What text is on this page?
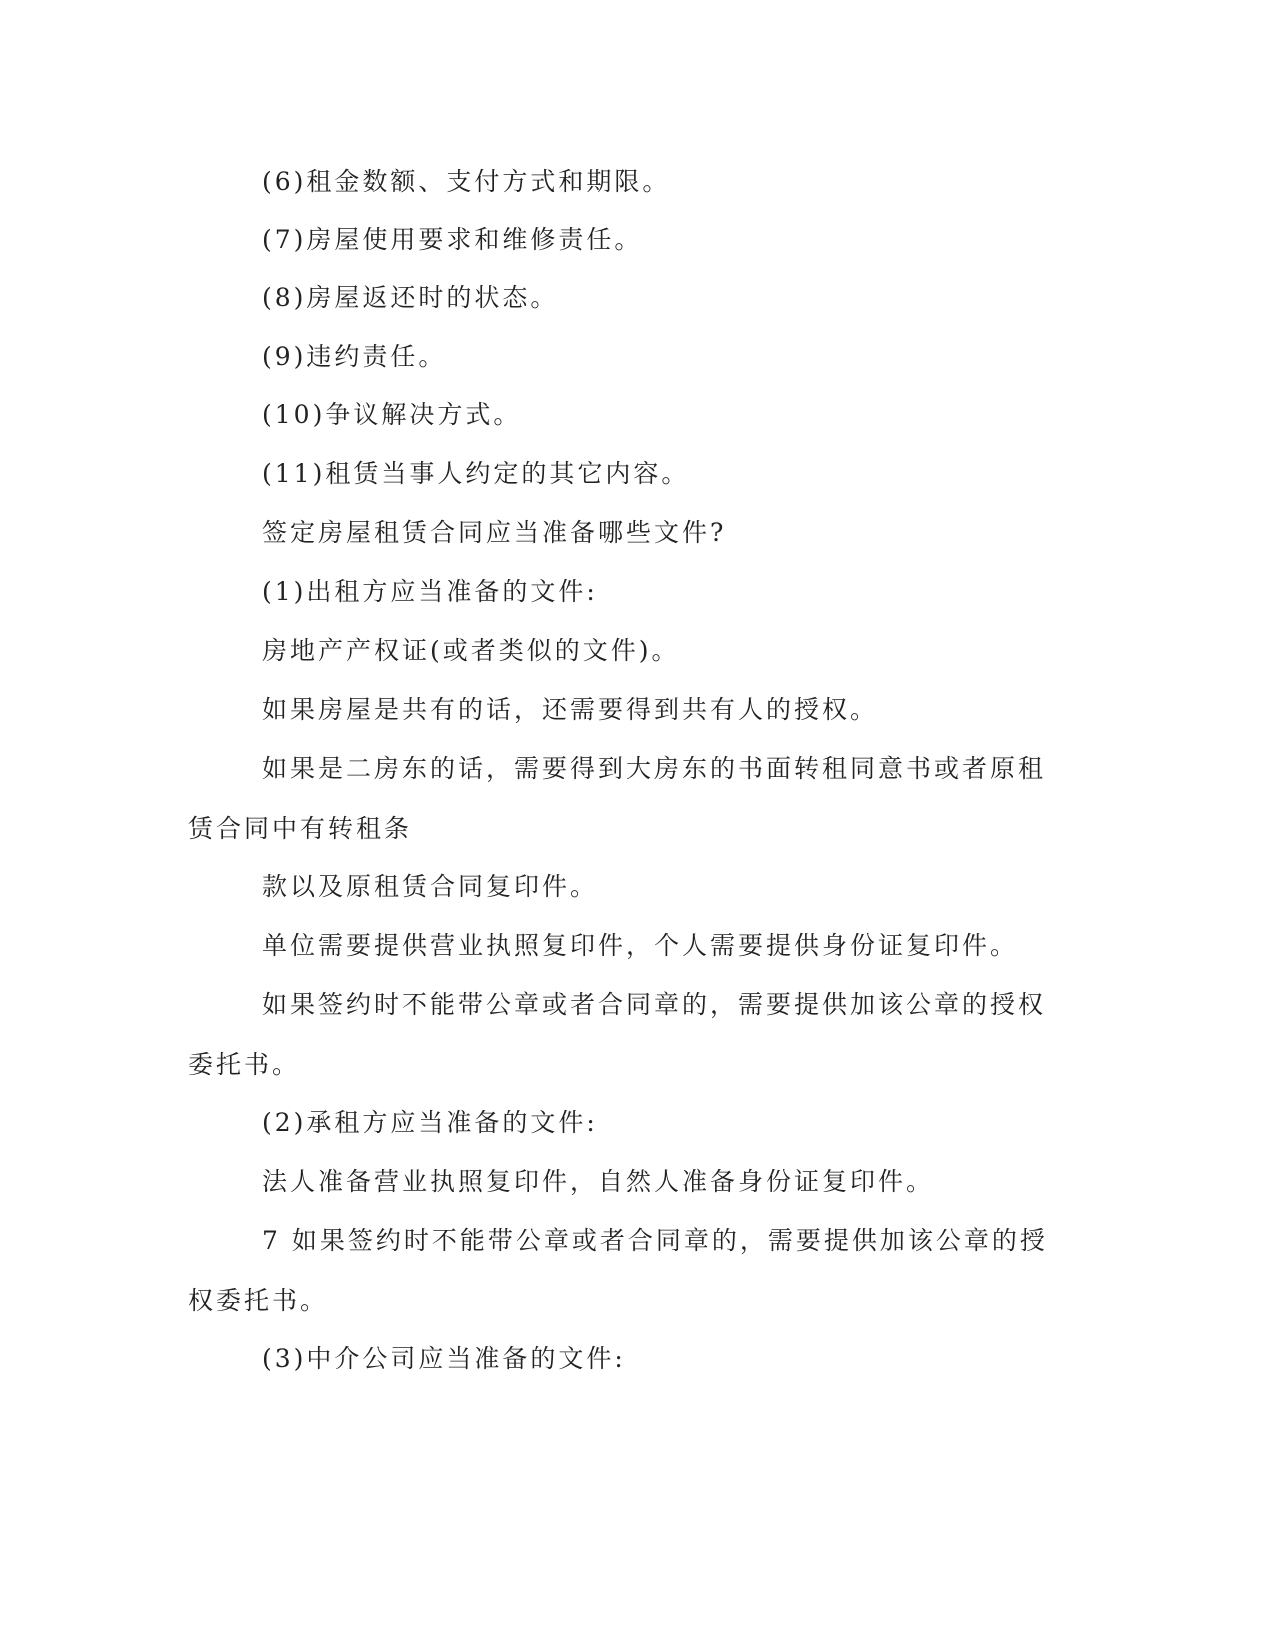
(6)租金数额、支付方式和期限。
(7)房屋使用要求和维修责任。
(8)房屋返还时的状态。
(9)违约责任。
(10)争议解决方式。
(11)租赁当事人约定的其它内容。
签定房屋租赁合同应当准备哪些文件?
(1)出租方应当准备的文件:
房地产产权证(或者类似的文件)。
如果房屋是共有的话，还需要得到共有人的授权。
如果是二房东的话，需要得到大房东的书面转租同意书或者原租
赁合同中有转租条
款以及原租赁合同复印件。
单位需要提供营业执照复印件，个人需要提供身份证复印件。
如果签约时不能带公章或者合同章的，需要提供加该公章的授权
委托书。
(2)承租方应当准备的文件:
法人准备营业执照复印件，自然人准备身份证复印件。
7 如果签约时不能带公章或者合同章的，需要提供加该公章的授
权委托书。
(3)中介公司应当准备的文件:
